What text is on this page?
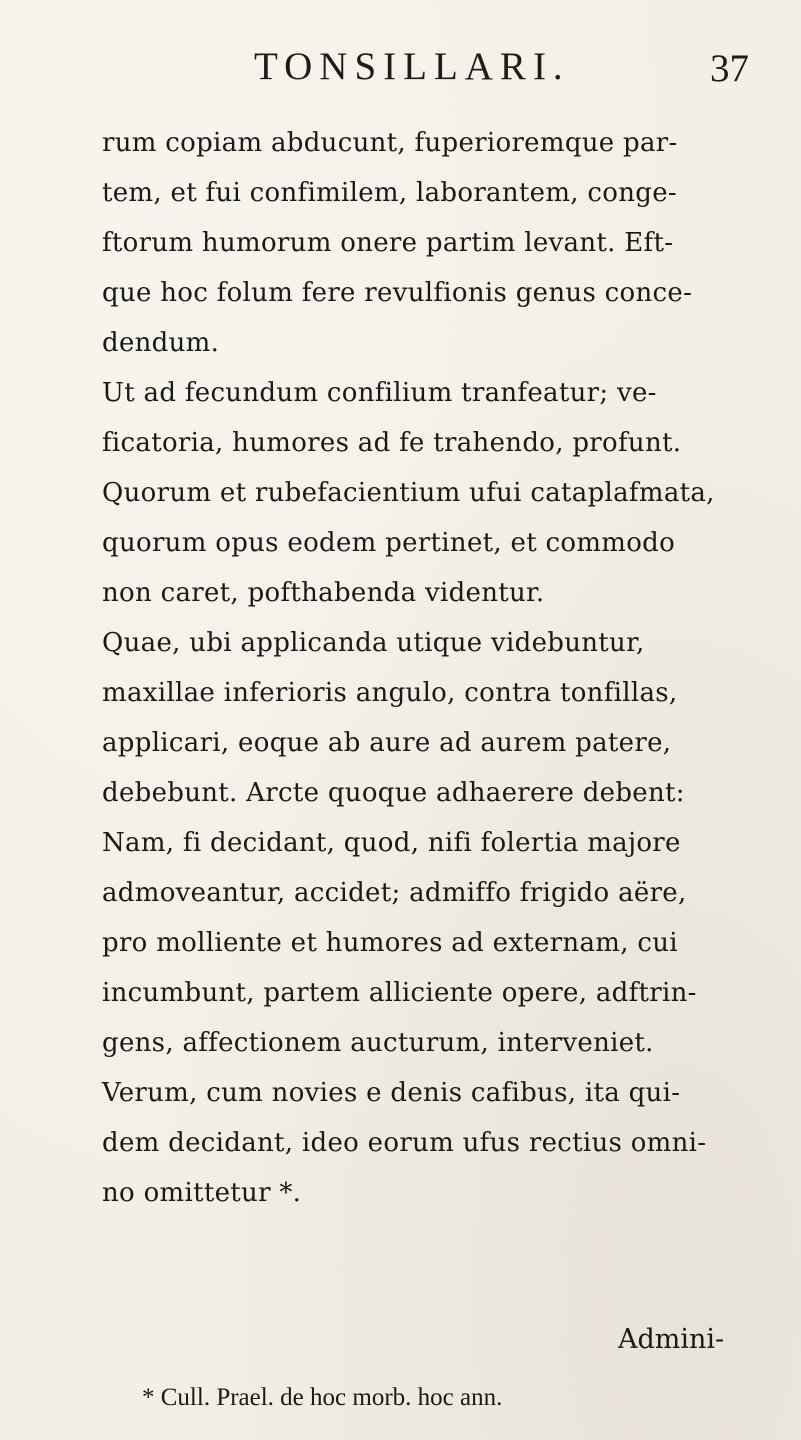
TONSILLARI.	37
rum copiam abducunt, fuperioremque par-
tem, et fui confimilem, laborantem, conge-
ftorum humorum onere partim levant. Eft-
que hoc folum fere revulfionis genus conce-
dendum.
Ut ad fecundum confilium tranfeatur; ve-
ficatoria, humores ad fe trahendo, profunt.
Quorum et rubefacientium ufui cataplafmata,
quorum opus eodem pertinet, et commodo
non caret, pofthabenda videntur.
Quae, ubi applicanda utique videbuntur,
maxillae inferioris angulo, contra tonfillas,
applicari, eoque ab aure ad aurem patere,
debebunt. Arcte quoque adhaerere debent:
Nam, fi decidant, quod, nifi folertia majore
admoveantur, accidet; admiffo frigido aëre,
pro molliente et humores ad externam, cui
incumbunt, partem alliciente opere, adftrin-
gens, affectionem aucturum, interveniet.
Verum, cum novies e denis cafibus, ita qui-
dem decidant, ideo eorum ufus rectius omni-
no omittetur *.
Admini-
* Cull. Prael. de hoc morb. hoc ann.
